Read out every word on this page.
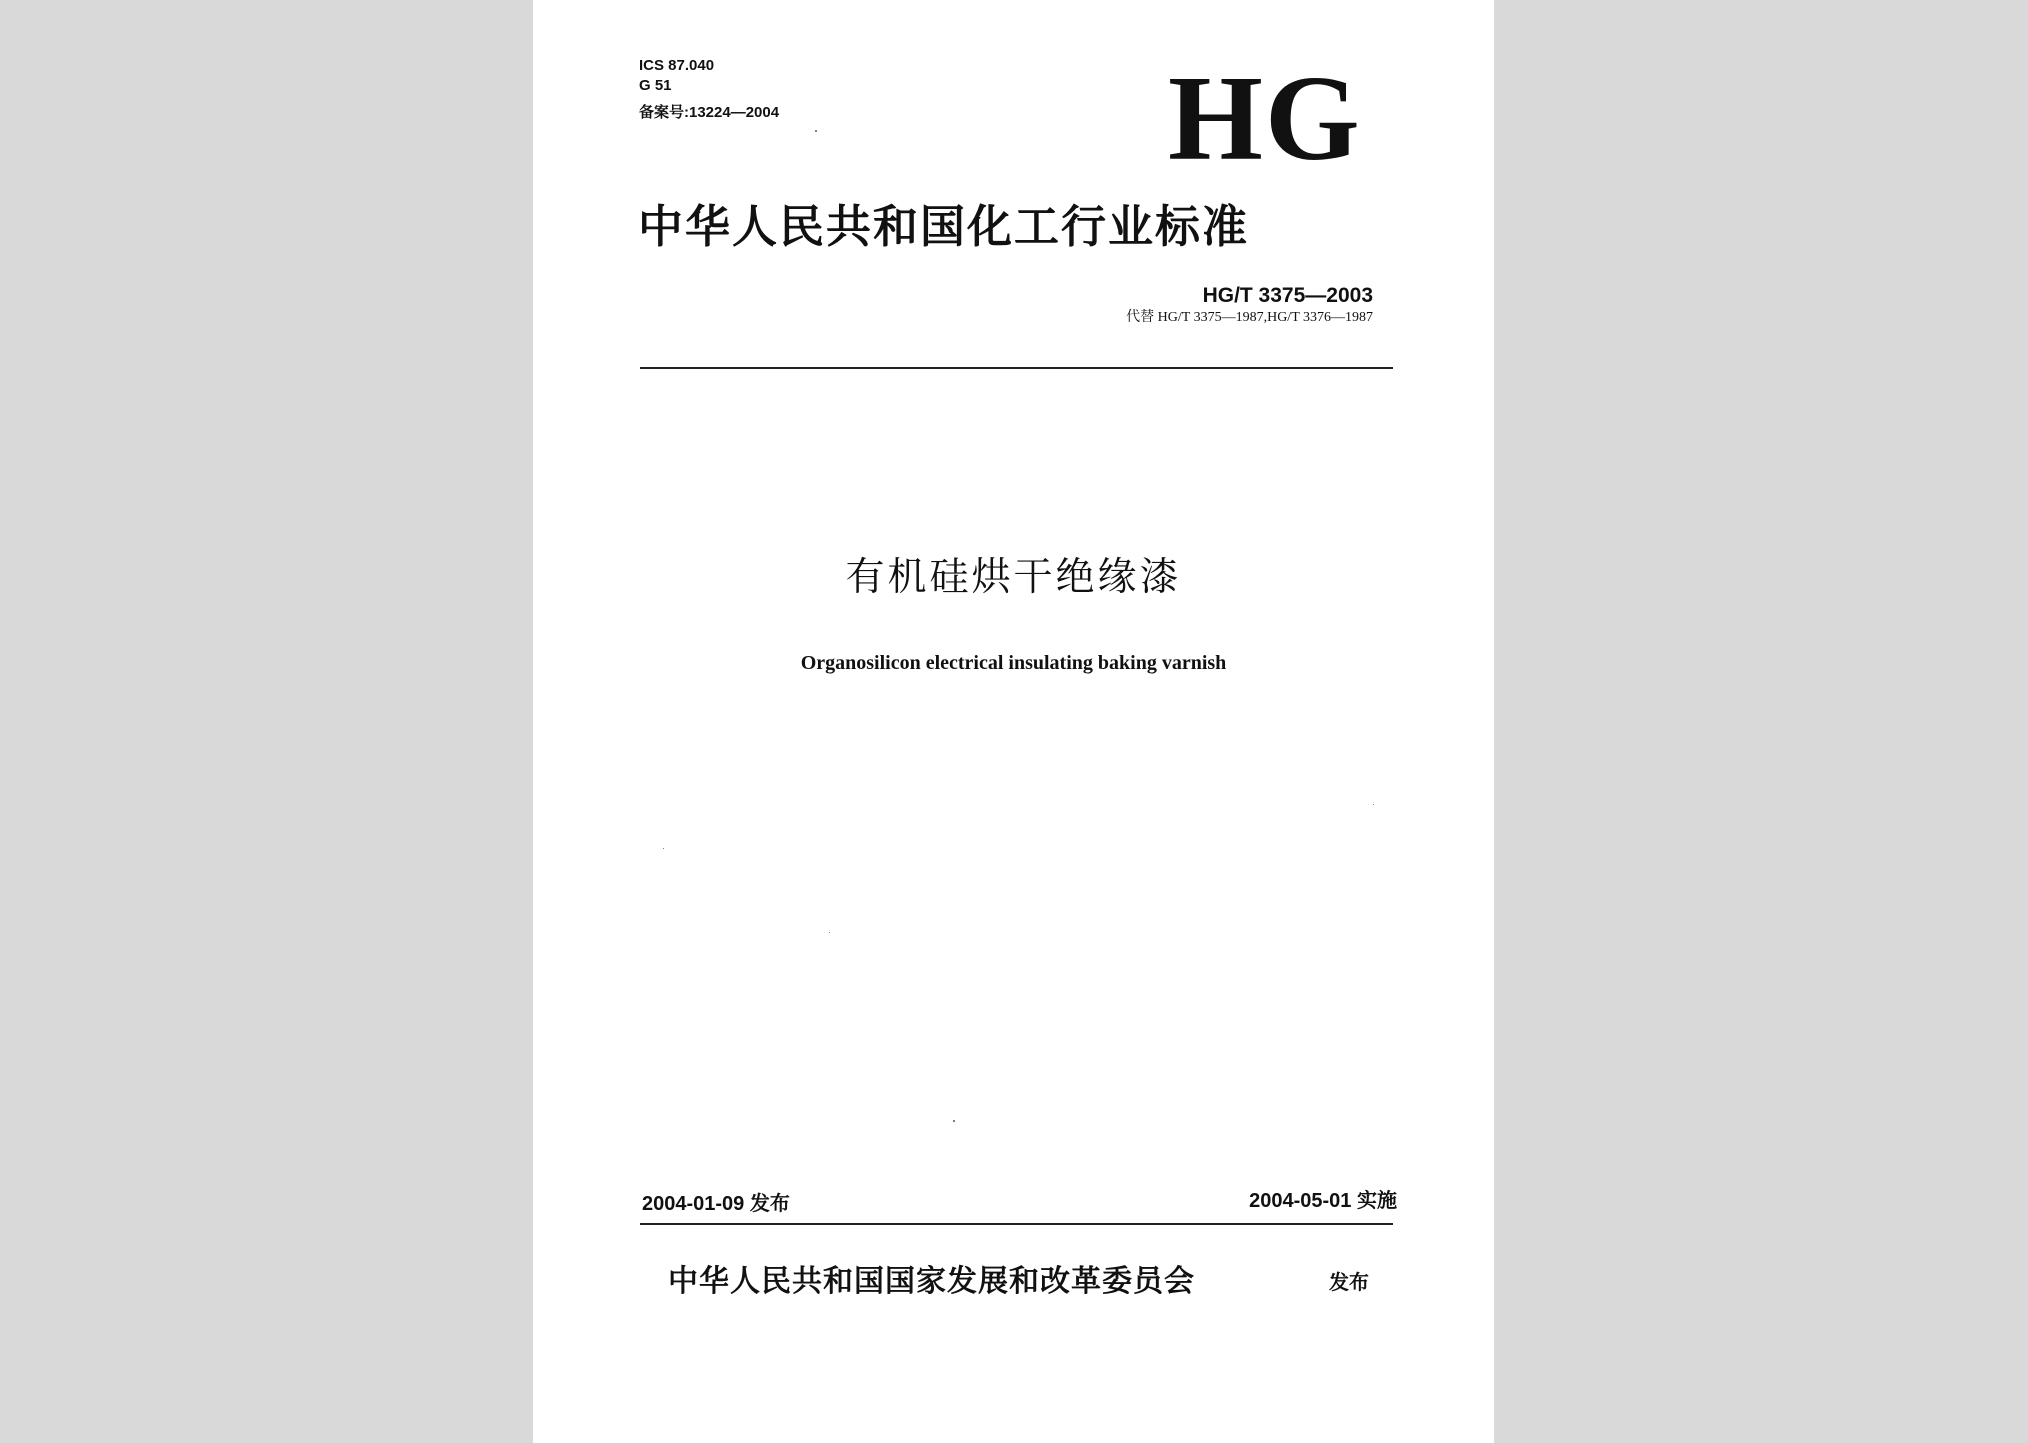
ICS 87.040
G 51
备案号:13224—2004	HG
中华人民共和国化工行业标准
HG/T 3375—2003
代替 HG/T 3375—1987,HG/T 3376—1987
有机硅烘干绝缘漆
Organosilicon electrical insulating baking varnish
2004-01-09 发布	2004-05-01 实施
中华人民共和国国家发展和改革委员会	发布
